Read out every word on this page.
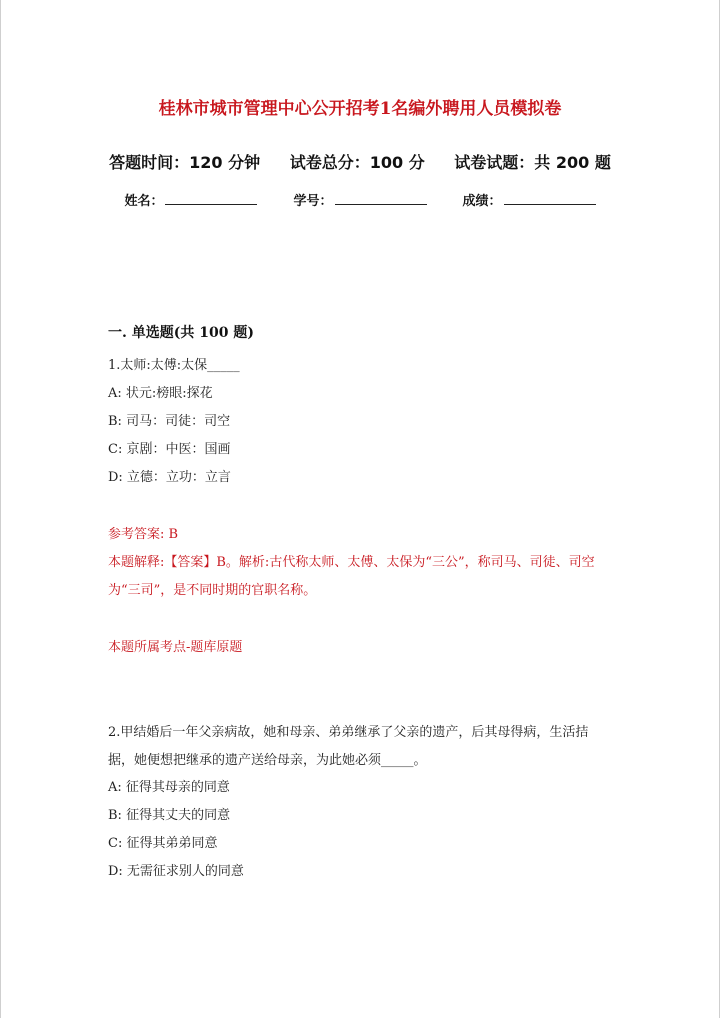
桂林市城市管理中心公开招考1名编外聘用人员模拟卷
答题时间：120 分钟 试卷总分：100 分 试卷试题：共 200 题
姓名：	学号：	成绩：
一. 单选题(共 100 题)
1.太师:太傅:太保_____
A: 状元:榜眼:探花
B: 司马：司徒：司空
C: 京剧：中医：国画
D: 立德：立功：立言
参考答案: B
本题解释:【答案】B。解析:古代称太师、太傅、太保为“三公”，称司马、司徒、司空为“三司”，是不同时期的官职名称。
本题所属考点-题库原题
2.甲结婚后一年父亲病故，她和母亲、弟弟继承了父亲的遗产，后其母得病，生活拮据，她便想把继承的遗产送给母亲，为此她必须_____。
A: 征得其母亲的同意
B: 征得其丈夫的同意
C: 征得其弟弟同意
D: 无需征求别人的同意
